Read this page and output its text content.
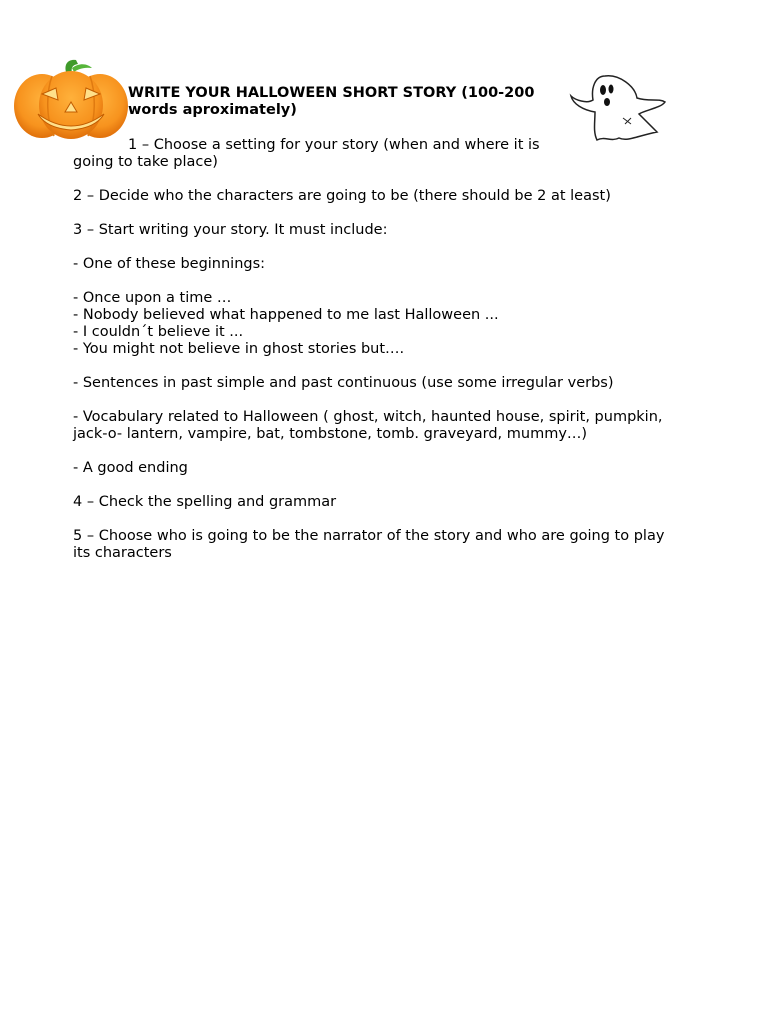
WRITE YOUR HALLOWEEN SHORT STORY (100-200 words aproximately)

1 – Choose a setting for your story (when and where it is going to take place)

2 – Decide who the characters are going to be (there should be 2 at least)

3 – Start writing your story. It must include:

- One of these beginnings:

- Once upon a time …

- Nobody believed what happened to me last Halloween ...

- I couldn´t believe it ...

- You might not believe in ghost stories but….

- Sentences in past simple and past continuous (use some irregular verbs)

- Vocabulary related to Halloween ( ghost, witch, haunted house, spirit, pumpkin, jack-o- lantern, vampire, bat, tombstone, tomb. graveyard, mummy…)

- A good ending

4 – Check the spelling and grammar

5 – Choose who is going to be the narrator of the story and who are going to play its characters
